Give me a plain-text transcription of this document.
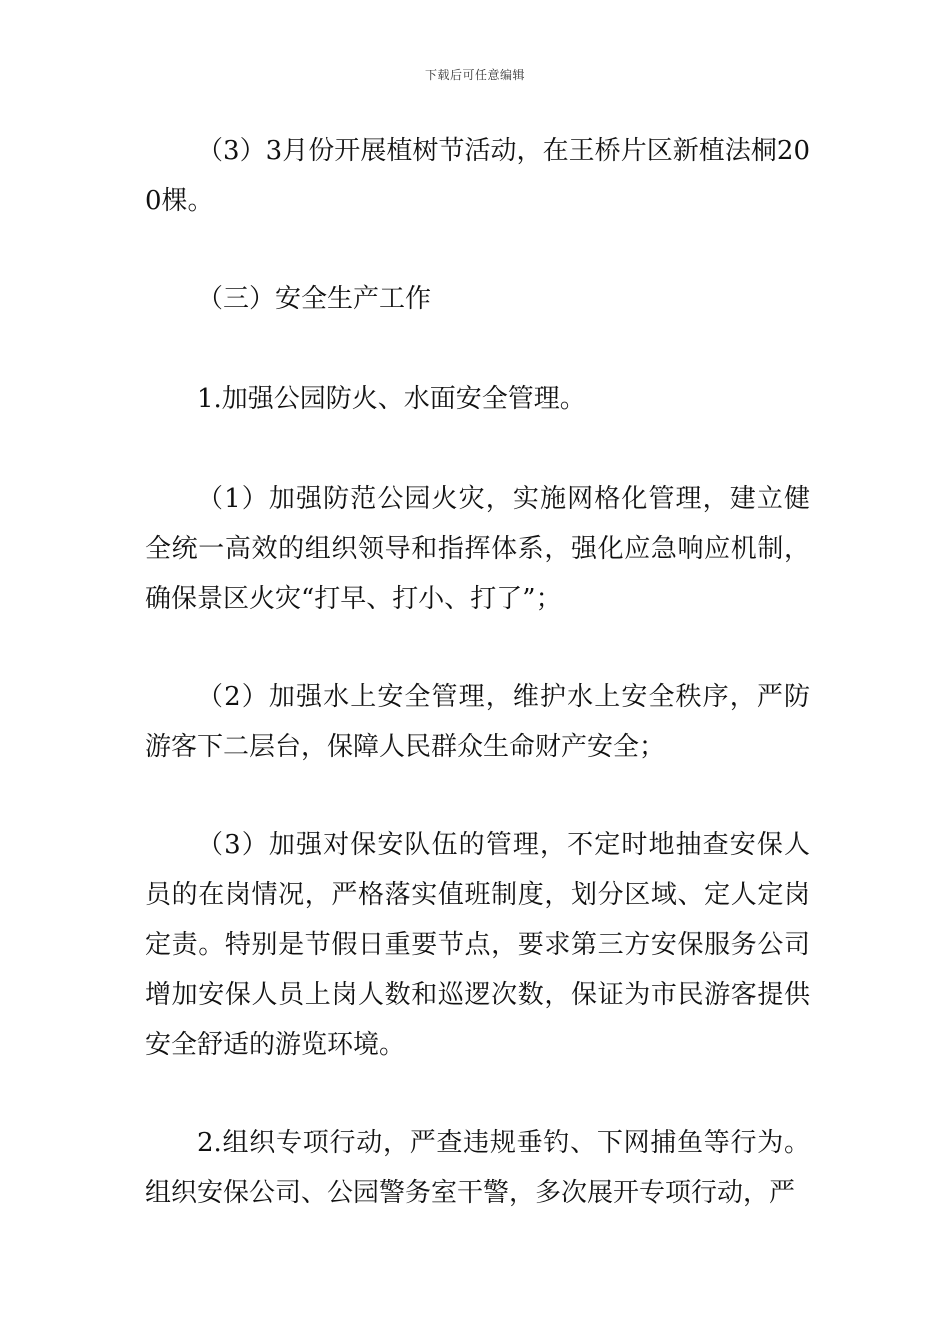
下载后可任意编辑

（3）3月份开展植树节活动，在王桥片区新植法桐200棵。

（三）安全生产工作

1.加强公园防火、水面安全管理。

（1）加强防范公园火灾，实施网格化管理，建立健全统一高效的组织领导和指挥体系，强化应急响应机制，确保景区火灾“打早、打小、打了”；

（2）加强水上安全管理，维护水上安全秩序，严防游客下二层台，保障人民群众生命财产安全；

（3）加强对保安队伍的管理，不定时地抽查安保人员的在岗情况，严格落实值班制度，划分区域、定人定岗定责。特别是节假日重要节点，要求第三方安保服务公司增加安保人员上岗人数和巡逻次数，保证为市民游客提供安全舒适的游览环境。

2.组织专项行动，严查违规垂钓、下网捕鱼等行为。组织安保公司、公园警务室干警，多次展开专项行动，严
